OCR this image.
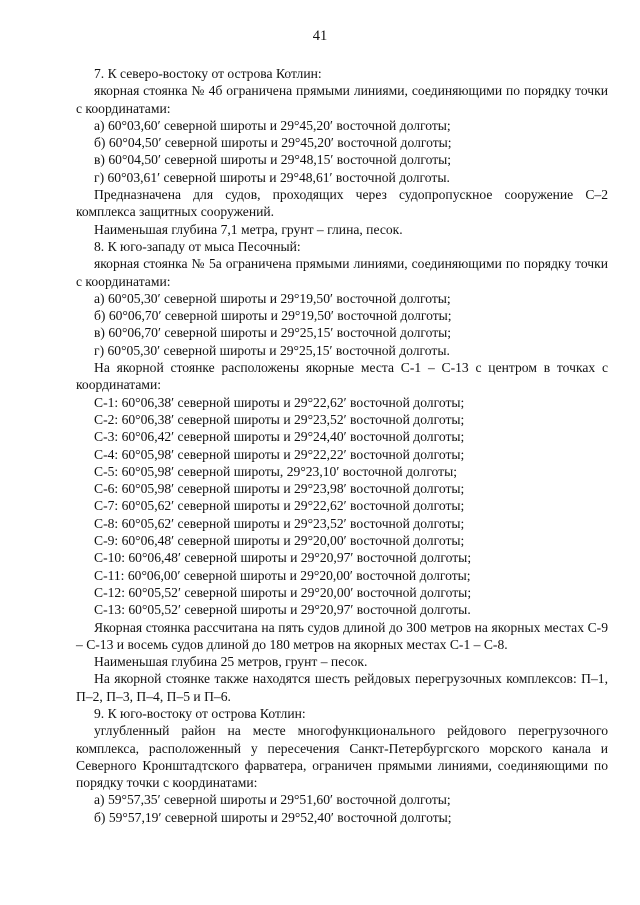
41

7. К северо-востоку от острова Котлин:

якорная стоянка № 4б ограничена прямыми линиями, соединяющими по порядку точки с координатами:

а) 60°03,60′ северной широты и 29°45,20′ восточной долготы;

б) 60°04,50′ северной широты и 29°45,20′ восточной долготы;

в) 60°04,50′ северной широты и 29°48,15′ восточной долготы;

г) 60°03,61′ северной широты и 29°48,61′ восточной долготы.

Предназначена для судов, проходящих через судопропускное сооружение С–2 комплекса защитных сооружений.

Наименьшая глубина 7,1 метра, грунт – глина, песок.

8. К юго-западу от мыса Песочный:

якорная стоянка № 5а ограничена прямыми линиями, соединяющими по порядку точки с координатами:

а) 60°05,30′ северной широты и 29°19,50′ восточной долготы;

б) 60°06,70′ северной широты и 29°19,50′ восточной долготы;

в) 60°06,70′ северной широты и 29°25,15′ восточной долготы;

г) 60°05,30′ северной широты и 29°25,15′ восточной долготы.

На якорной стоянке расположены якорные места С-1 – С-13 с центром в точках с координатами:

С-1: 60°06,38′ северной широты и 29°22,62′ восточной долготы;

С-2: 60°06,38′ северной широты и 29°23,52′ восточной долготы;

С-3: 60°06,42′ северной широты и 29°24,40′ восточной долготы;

С-4: 60°05,98′ северной широты и 29°22,22′ восточной долготы;

С-5: 60°05,98′ северной широты, 29°23,10′ восточной долготы;

С-6: 60°05,98′ северной широты и 29°23,98′ восточной долготы;

С-7: 60°05,62′ северной широты и 29°22,62′ восточной долготы;

С-8: 60°05,62′ северной широты и 29°23,52′ восточной долготы;

С-9: 60°06,48′ северной широты и 29°20,00′ восточной долготы;

С-10: 60°06,48′ северной широты и 29°20,97′ восточной долготы;

С-11: 60°06,00′ северной широты и 29°20,00′ восточной долготы;

С-12: 60°05,52′ северной широты и 29°20,00′ восточной долготы;

С-13: 60°05,52′ северной широты и 29°20,97′ восточной долготы.

Якорная стоянка рассчитана на пять судов длиной до 300 метров на якорных местах С-9 – С-13 и восемь судов длиной до 180 метров на якорных местах С-1 – С-8.

Наименьшая глубина 25 метров, грунт – песок.

На якорной стоянке также находятся шесть рейдовых перегрузочных комплексов: П–1, П–2, П–3, П–4, П–5 и П–6.

9. К юго-востоку от острова Котлин:

углубленный район на месте многофункционального рейдового перегрузочного комплекса, расположенный у пересечения Санкт-Петербургского морского канала и Северного Кронштадтского фарватера, ограничен прямыми линиями, соединяющими по порядку точки с координатами:

а) 59°57,35′ северной широты и 29°51,60′ восточной долготы;

б) 59°57,19′ северной широты и 29°52,40′ восточной долготы;
